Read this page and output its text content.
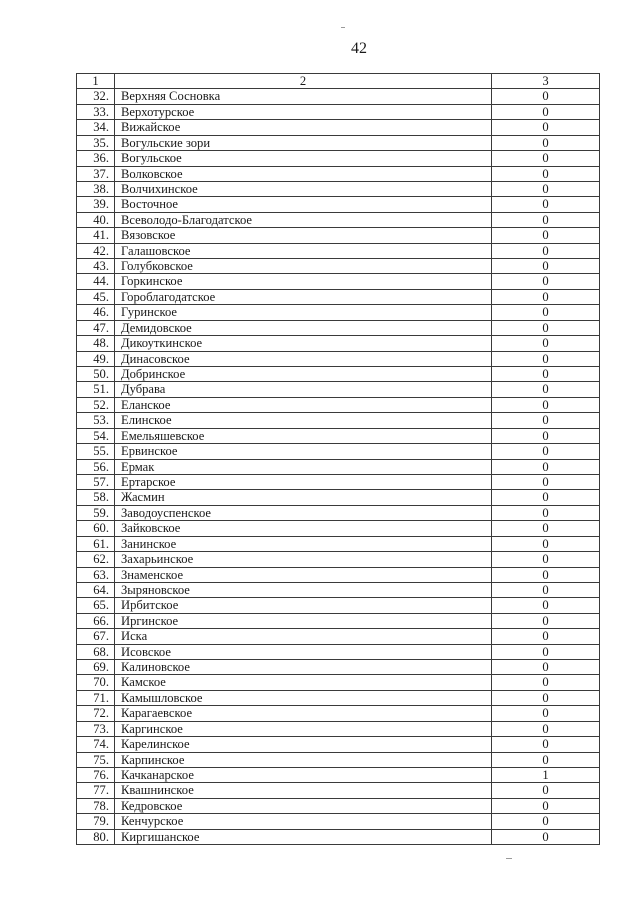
42
1	2	3
32.	Верхняя Сосновка	0
33.	Верхотурское	0
34.	Вижайское	0
35.	Вогульские зори	0
36.	Вогульское	0
37.	Волковское	0
38.	Волчихинское	0
39.	Восточное	0
40.	Всеволодо-Благодатское	0
41.	Вязовское	0
42.	Галашовское	0
43.	Голубковское	0
44.	Горкинское	0
45.	Гороблагодатское	0
46.	Гуринское	0
47.	Демидовское	0
48.	Дикоуткинское	0
49.	Динасовское	0
50.	Добринское	0
51.	Дубрава	0
52.	Еланское	0
53.	Елинское	0
54.	Емельяшевское	0
55.	Ервинское	0
56.	Ермак	0
57.	Ертарское	0
58.	Жасмин	0
59.	Заводоуспенское	0
60.	Зайковское	0
61.	Занинское	0
62.	Захарьинское	0
63.	Знаменское	0
64.	Зыряновское	0
65.	Ирбитское	0
66.	Иргинское	0
67.	Иска	0
68.	Исовское	0
69.	Калиновское	0
70.	Камское	0
71.	Камышловское	0
72.	Карагаевское	0
73.	Каргинское	0
74.	Карелинское	0
75.	Карпинское	0
76.	Качканарское	1
77.	Квашнинское	0
78.	Кедровское	0
79.	Кенчурское	0
80.	Киргишанское	0
